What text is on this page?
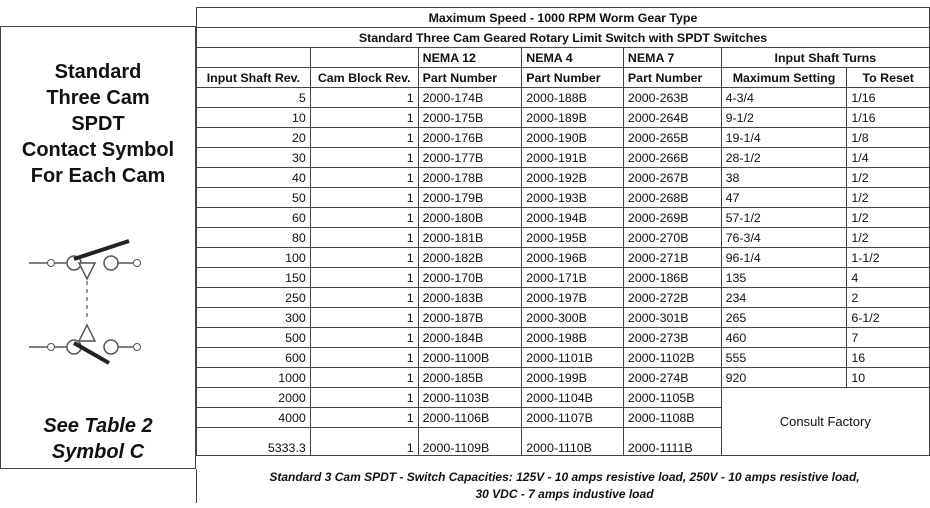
Standard
Three Cam
SPDT
Contact Symbol
For Each Cam
See Table 2
Symbol C
Maximum Speed - 1000 RPM Worm Gear Type						
Standard Three Cam Geared Rotary Limit Switch with SPDT Switches						
		NEMA 12	NEMA 4	NEMA 7	Input Shaft Turns	
Input Shaft Rev.	Cam Block Rev.	Part Number	Part Number	Part Number	Maximum Setting	To Reset
5	1	2000-174B	2000-188B	2000-263B	4-3/4	1/16
10	1	2000-175B	2000-189B	2000-264B	9-1/2	1/16
20	1	2000-176B	2000-190B	2000-265B	19-1/4	1/8
30	1	2000-177B	2000-191B	2000-266B	28-1/2	1/4
40	1	2000-178B	2000-192B	2000-267B	38	1/2
50	1	2000-179B	2000-193B	2000-268B	47	1/2
60	1	2000-180B	2000-194B	2000-269B	57-1/2	1/2
80	1	2000-181B	2000-195B	2000-270B	76-3/4	1/2
100	1	2000-182B	2000-196B	2000-271B	96-1/4	1-1/2
150	1	2000-170B	2000-171B	2000-186B	135	4
250	1	2000-183B	2000-197B	2000-272B	234	2
300	1	2000-187B	2000-300B	2000-301B	265	6-1/2
500	1	2000-184B	2000-198B	2000-273B	460	7
600	1	2000-1100B	2000-1101B	2000-1102B	555	16
1000	1	2000-185B	2000-199B	2000-274B	920	10
2000	1	2000-1103B	2000-1104B	2000-1105B	Consult Factory	
4000	1	2000-1106B	2000-1107B	2000-1108B		
5333.3	1	2000-1109B	2000-1110B	2000-1111B		
Standard 3 Cam SPDT - Switch Capacities: 125V - 10 amps resistive load, 250V - 10 amps resistive load,
30 VDC - 7 amps industive load
